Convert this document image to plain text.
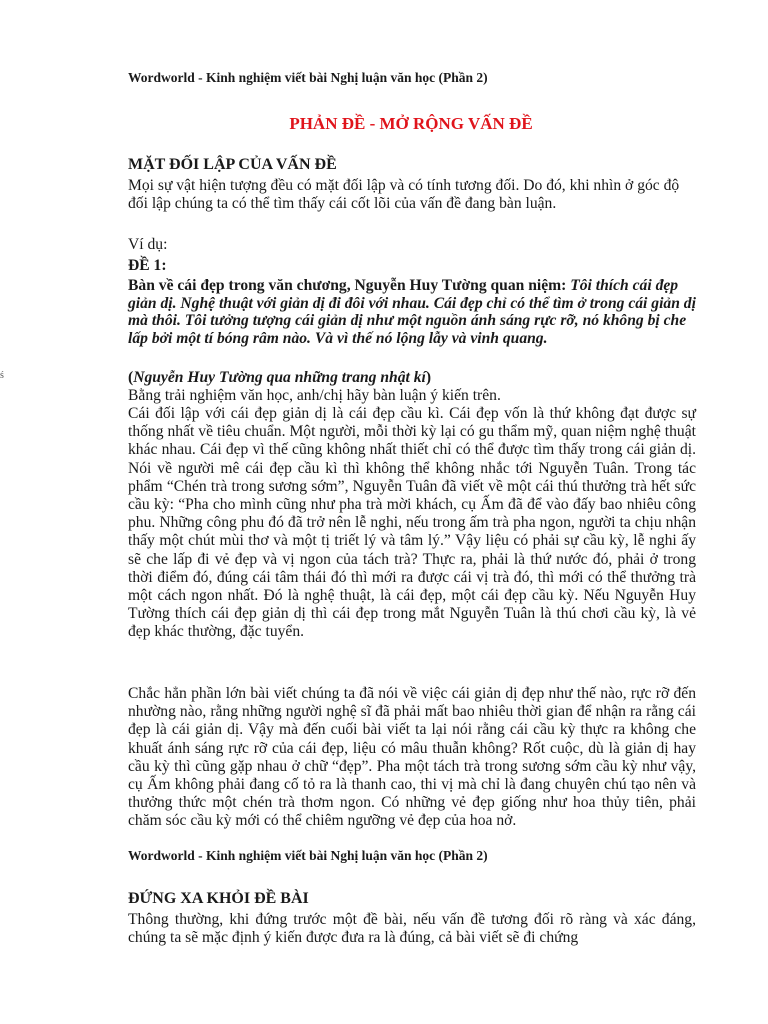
ś
Wordworld - Kinh nghiệm viết bài Nghị luận văn học (Phần 2)
PHẢN ĐỀ - MỞ RỘNG VẤN ĐỀ
MẶT ĐỐI LẬP CỦA VẤN ĐỀ
Mọi sự vật hiện tượng đều có mặt đối lập và có tính tương đối. Do đó, khi nhìn ở góc độ đối lập chúng ta có thể tìm thấy cái cốt lõi của vấn đề đang bàn luận.
Ví dụ:
ĐỀ 1:
Bàn về cái đẹp trong văn chương, Nguyễn Huy Tường quan niệm: Tôi thích cái đẹp giản dị. Nghệ thuật với giản dị đi đôi với nhau. Cái đẹp chỉ có thể tìm ở trong cái giản dị mà thôi. Tôi tưởng tượng cái giản dị như một nguồn ánh sáng rực rỡ, nó không bị che lấp bởi một tí bóng râm nào. Và vì thế nó lộng lẫy và vinh quang.
(Nguyễn Huy Tường qua những trang nhật kí)
Bằng trải nghiệm văn học, anh/chị hãy bàn luận ý kiến trên.
Cái đối lập với cái đẹp giản dị là cái đẹp cầu kì. Cái đẹp vốn là thứ không đạt được sự thống nhất về tiêu chuẩn. Một người, mỗi thời kỳ lại có gu thẩm mỹ, quan niệm nghệ thuật khác nhau. Cái đẹp vì thế cũng không nhất thiết chỉ có thể được tìm thấy trong cái giản dị. Nói về người mê cái đẹp cầu kì thì không thể không nhắc tới Nguyễn Tuân. Trong tác phẩm “Chén trà trong sương sớm”, Nguyễn Tuân đã viết về một cái thú thưởng trà hết sức cầu kỳ: “Pha cho mình cũng như pha trà mời khách, cụ Ấm đã để vào đấy bao nhiêu công phu. Những công phu đó đã trở nên lễ nghi, nếu trong ấm trà pha ngon, người ta chịu nhận thấy một chút mùi thơ và một tị triết lý và tâm lý.” Vậy liệu có phải sự cầu kỳ, lễ nghi ấy sẽ che lấp đi vẻ đẹp và vị ngon của tách trà? Thực ra, phải là thứ nước đó, phải ở trong thời điểm đó, đúng cái tâm thái đó thì mới ra được cái vị trà đó, thì mới có thể thưởng trà một cách ngon nhất. Đó là nghệ thuật, là cái đẹp, một cái đẹp cầu kỳ. Nếu Nguyễn Huy Tường thích cái đẹp giản dị thì cái đẹp trong mắt Nguyễn Tuân là thú chơi cầu kỳ, là vẻ đẹp khác thường, đặc tuyển.
Chắc hẳn phần lớn bài viết chúng ta đã nói về việc cái giản dị đẹp như thế nào, rực rỡ đến nhường nào, rằng những người nghệ sĩ đã phải mất bao nhiêu thời gian để nhận ra rằng cái đẹp là cái giản dị. Vậy mà đến cuối bài viết ta lại nói rằng cái cầu kỳ thực ra không che khuất ánh sáng rực rỡ của cái đẹp, liệu có mâu thuẫn không? Rốt cuộc, dù là giản dị hay cầu kỳ thì cũng gặp nhau ở chữ “đẹp”. Pha một tách trà trong sương sớm cầu kỳ như vậy, cụ Ấm không phải đang cố tỏ ra là thanh cao, thi vị mà chỉ là đang chuyên chú tạo nên và thưởng thức một chén trà thơm ngon. Có những vẻ đẹp giống như hoa thủy tiên, phải chăm sóc cầu kỳ mới có thể chiêm ngưỡng vẻ đẹp của hoa nở.
Wordworld - Kinh nghiệm viết bài Nghị luận văn học (Phần 2)
ĐỨNG XA KHỎI ĐỀ BÀI
Thông thường, khi đứng trước một đề bài, nếu vấn đề tương đối rõ ràng và xác đáng, chúng ta sẽ mặc định ý kiến được đưa ra là đúng, cả bài viết sẽ đi chứng
